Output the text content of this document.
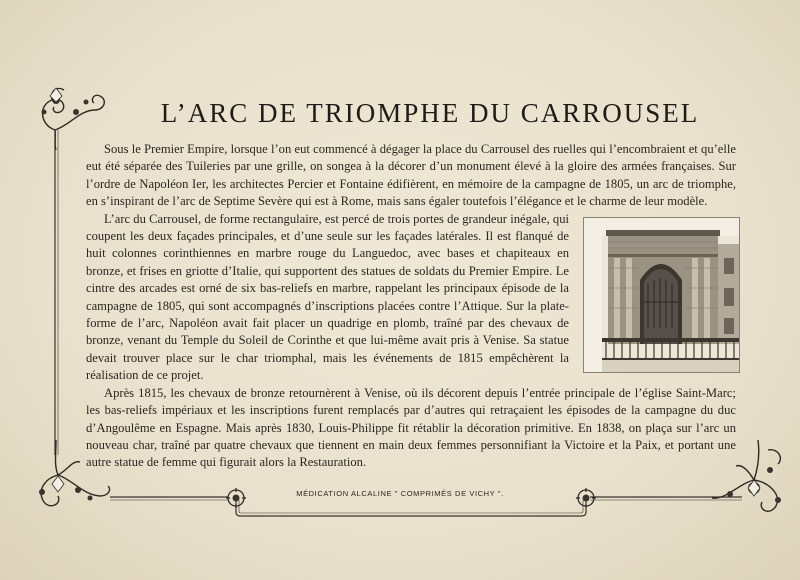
L’ARC DE TRIOMPHE DU CARROUSEL

Sous le Premier Empire, lorsque l’on eut commencé à dégager la place du Carrousel des ruelles qui l’encombraient et qu’elle eut été séparée des Tuileries par une grille, on songea à la décorer d’un monument élevé à la gloire des armées françaises. Sur l’ordre de Napoléon Ier, les architectes Percier et Fontaine édifièrent, en mémoire de la campagne de 1805, un arc de triomphe, en s’inspirant de l’arc de Septime Sevère qui est à Rome, mais sans égaler toutefois l’élégance et le charme de leur modèle.

L’arc du Carrousel, de forme rectangulaire, est percé de trois portes de grandeur inégale, qui coupent les deux façades principales, et d’une seule sur les façades latérales. Il est flanqué de huit colonnes corinthiennes en marbre rouge du Languedoc, avec bases et chapiteaux en bronze, et frises en griotte d’Italie, qui supportent des statues de soldats du Premier Empire. Le cintre des arcades est orné de six bas-reliefs en marbre, rappelant les principaux épisode de la campagne de 1805, qui sont accompagnés d’inscriptions placées contre l’Attique. Sur la plate-forme de l’arc, Napoléon avait fait placer un quadrige en plomb, traîné par des chevaux de bronze, venant du Temple du Soleil de Corinthe et que lui-même avait pris à Venise. Sa statue devait trouver place sur le char triomphal, mais les événements de 1815 empêchèrent la réalisation de ce projet.

Après 1815, les chevaux de bronze retournèrent à Venise, où ils décorent depuis l’entrée principale de l’église Saint-Marc; les bas-reliefs impériaux et les inscriptions furent remplacés par d’autres qui retraçaient les épisodes de la campagne du duc d’Angoulême en Espagne. Mais après 1830, Louis-Philippe fit rétablir la décoration primitive. En 1838, on plaça sur l’arc un nouveau char, traîné par quatre chevaux que tiennent en main deux femmes personnifiant la Victoire et la Paix, et portant une autre statue de femme qui figurait alors la Restauration.

MÉDICATION ALCALINE " COMPRIMÉS DE VICHY ".
